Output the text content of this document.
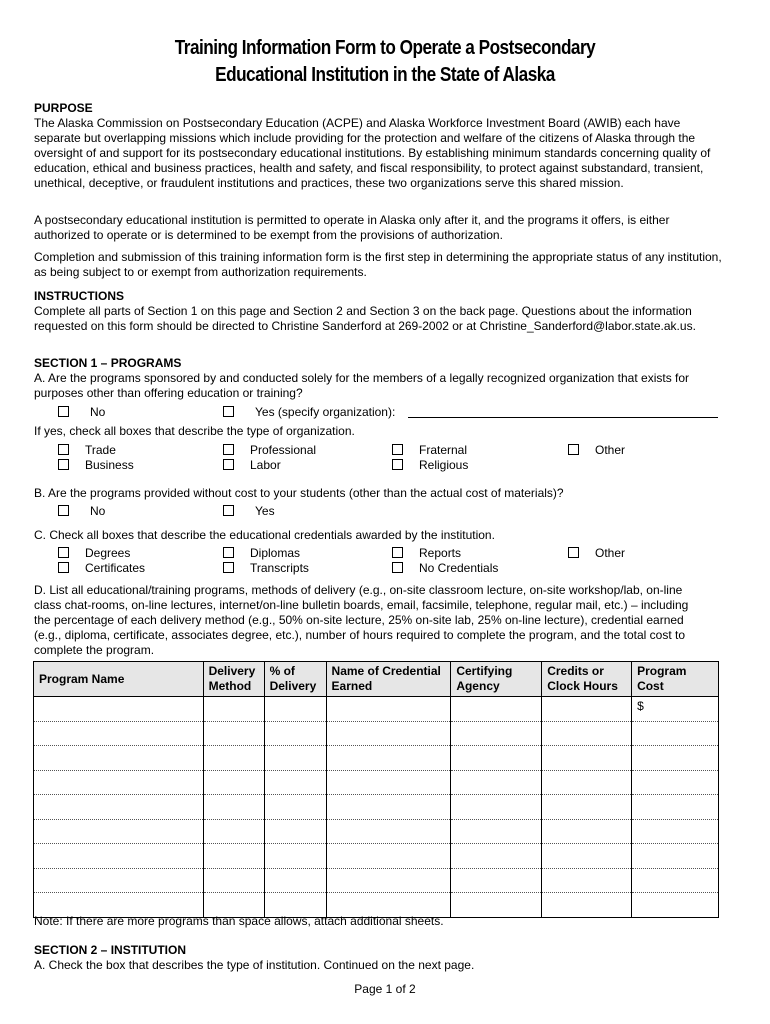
Training Information Form to Operate a Postsecondary
Educational Institution in the State of Alaska
PURPOSE
The Alaska Commission on Postsecondary Education (ACPE) and Alaska Workforce Investment Board (AWIB) each have separate but overlapping missions which include providing for the protection and welfare of the citizens of Alaska through the oversight of and support for its postsecondary educational institutions. By establishing minimum standards concerning quality of education, ethical and business practices, health and safety, and fiscal responsibility, to protect against substandard, transient, unethical, deceptive, or fraudulent institutions and practices, these two organizations serve this shared mission.
A postsecondary educational institution is permitted to operate in Alaska only after it, and the programs it offers, is either authorized to operate or is determined to be exempt from the provisions of authorization.
Completion and submission of this training information form is the first step in determining the appropriate status of any institution, as being subject to or exempt from authorization requirements.
INSTRUCTIONS
Complete all parts of Section 1 on this page and Section 2 and Section 3 on the back page. Questions about the information requested on this form should be directed to Christine Sanderford at 269-2002 or at Christine_Sanderford@labor.state.ak.us.
SECTION 1 – PROGRAMS
A. Are the programs sponsored by and conducted solely for the members of a legally recognized organization that exists for purposes other than offering education or training?
No	Yes (specify organization):
If yes, check all boxes that describe the type of organization.
Trade
Business
Professional
Labor
Fraternal
Religious
Other
B. Are the programs provided without cost to your students (other than the actual cost of materials)?
No	Yes
C. Check all boxes that describe the educational credentials awarded by the institution.
Degrees
Certificates
Diplomas
Transcripts
Reports
No Credentials
Other
D. List all educational/training programs, methods of delivery (e.g., on-site classroom lecture, on-site workshop/lab, on-line class chat-rooms, on-line lectures, internet/on-line bulletin boards, email, facsimile, telephone, regular mail, etc.) – including the percentage of each delivery method (e.g., 50% on-site lecture, 25% on-site lab, 25% on-line lecture), credential earned (e.g., diploma, certificate, associates degree, etc.), number of hours required to complete the program, and the total cost to complete the program.
Program Name	Delivery Method	% of Delivery	Name of Credential Earned	Certifying Agency	Credits or Clock Hours	Program Cost
						$

Note: If there are more programs than space allows, attach additional sheets.
SECTION 2 – INSTITUTION
A. Check the box that describes the type of institution. Continued on the next page.
Page 1 of 2
